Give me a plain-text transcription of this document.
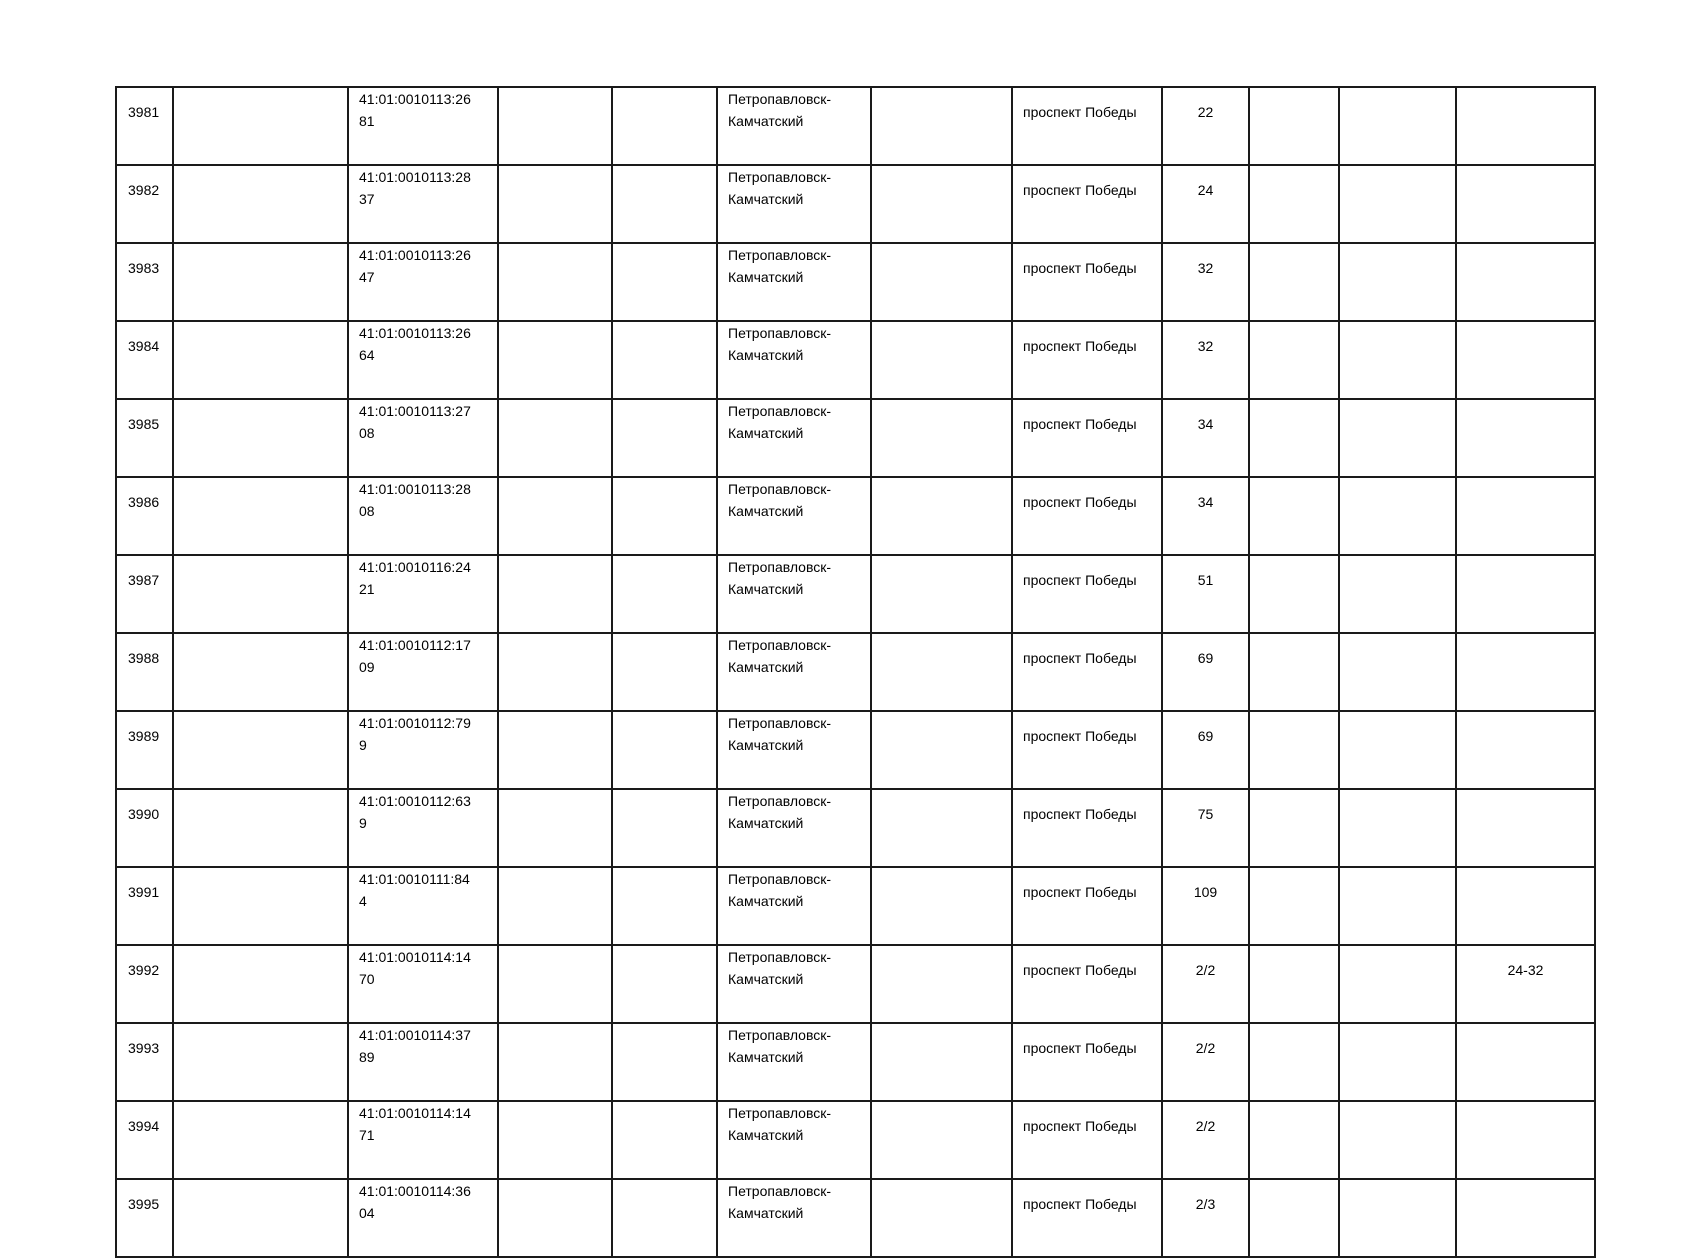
3981		41:01:0010113:2681			Петропавловск-Камчатский		проспект Победы	22			

3982		41:01:0010113:2837			Петропавловск-Камчатский		проспект Победы	24			

3983		41:01:0010113:2647			Петропавловск-Камчатский		проспект Победы	32			

3984		41:01:0010113:2664			Петропавловск-Камчатский		проспект Победы	32			

3985		41:01:0010113:2708			Петропавловск-Камчатский		проспект Победы	34			

3986		41:01:0010113:2808			Петропавловск-Камчатский		проспект Победы	34			

3987		41:01:0010116:2421			Петропавловск-Камчатский		проспект Победы	51			

3988		41:01:0010112:1709			Петропавловск-Камчатский		проспект Победы	69			

3989		41:01:0010112:799			Петропавловск-Камчатский		проспект Победы	69			

3990		41:01:0010112:639			Петропавловск-Камчатский		проспект Победы	75			

3991		41:01:0010111:844			Петропавловск-Камчатский		проспект Победы	109			

3992		41:01:0010114:1470			Петропавловск-Камчатский		проспект Победы	2/2			24-32

3993		41:01:0010114:3789			Петропавловск-Камчатский		проспект Победы	2/2			

3994		41:01:0010114:1471			Петропавловск-Камчатский		проспект Победы	2/2			

3995		41:01:0010114:3604			Петропавловск-Камчатский		проспект Победы	2/3			
